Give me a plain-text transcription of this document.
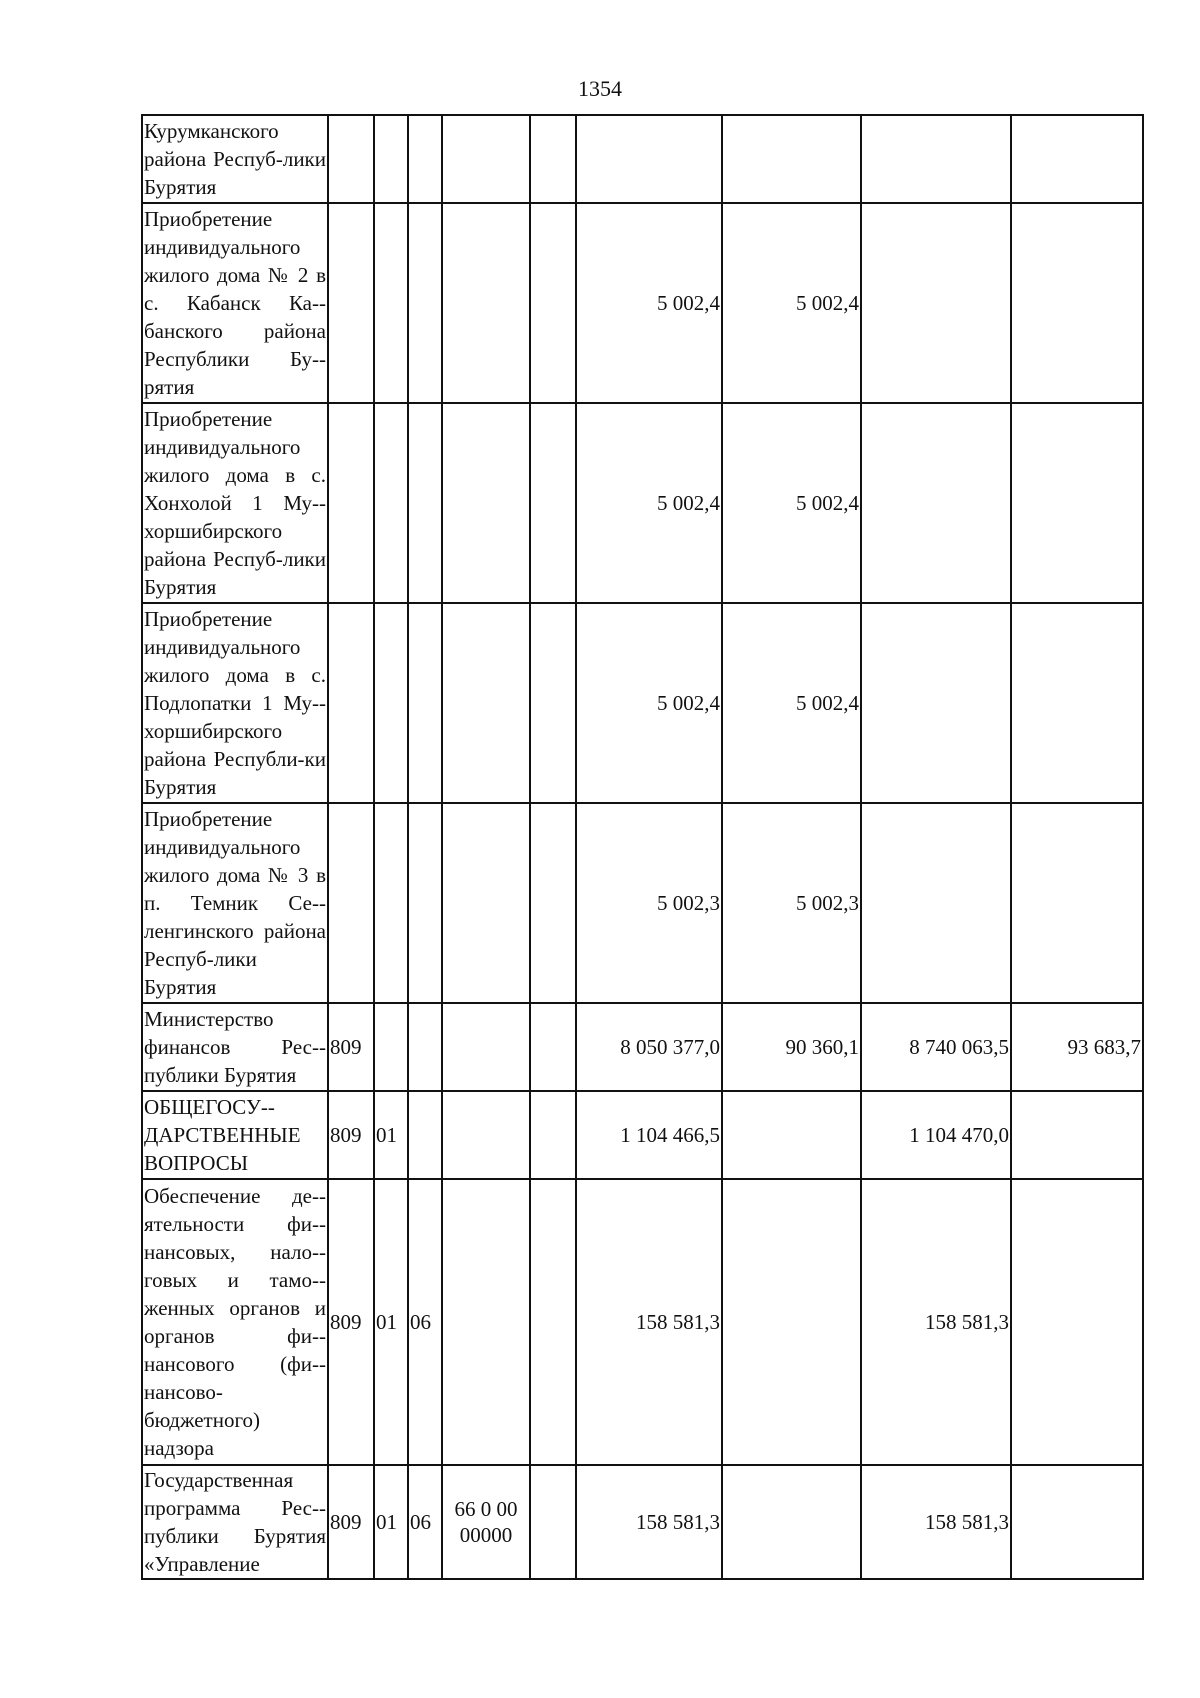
1354
Курумканского района Респуб-лики Бурятия									
Приобретение индивидуального жилого дома № 2 в с. Кабанск Ка-банского района Республики Бу-рятия						5 002,4	5 002,4		
Приобретение индивидуального жилого дома в с. Хонхолой 1 Му-хоршибирского района Респуб-лики Бурятия						5 002,4	5 002,4		
Приобретение индивидуального жилого дома в с. Подлопатки 1 Му-хоршибирского района Республи-ки Бурятия						5 002,4	5 002,4		
Приобретение индивидуального жилого дома № 3 в п. Темник Се-ленгинского района Респуб-лики Бурятия						5 002,3	5 002,3		
Министерство финансов Рес-публики Бурятия	809					8 050 377,0	90 360,1	8 740 063,5	93 683,7
ОБЩЕГОСУ-ДАРСТВЕННЫЕ ВОПРОСЫ	809	01				1 104 466,5		1 104 470,0	
Обеспечение де-ятельности фи-нансовых, нало-говых и тамо-женных органов и органов фи-нансового (фи-нансово-бюджетного) надзора	809	01	06			158 581,3		158 581,3	
Государственная программа Рес-публики Бурятия «Управление	809	01	06	66 0 00 00000		158 581,3		158 581,3	
